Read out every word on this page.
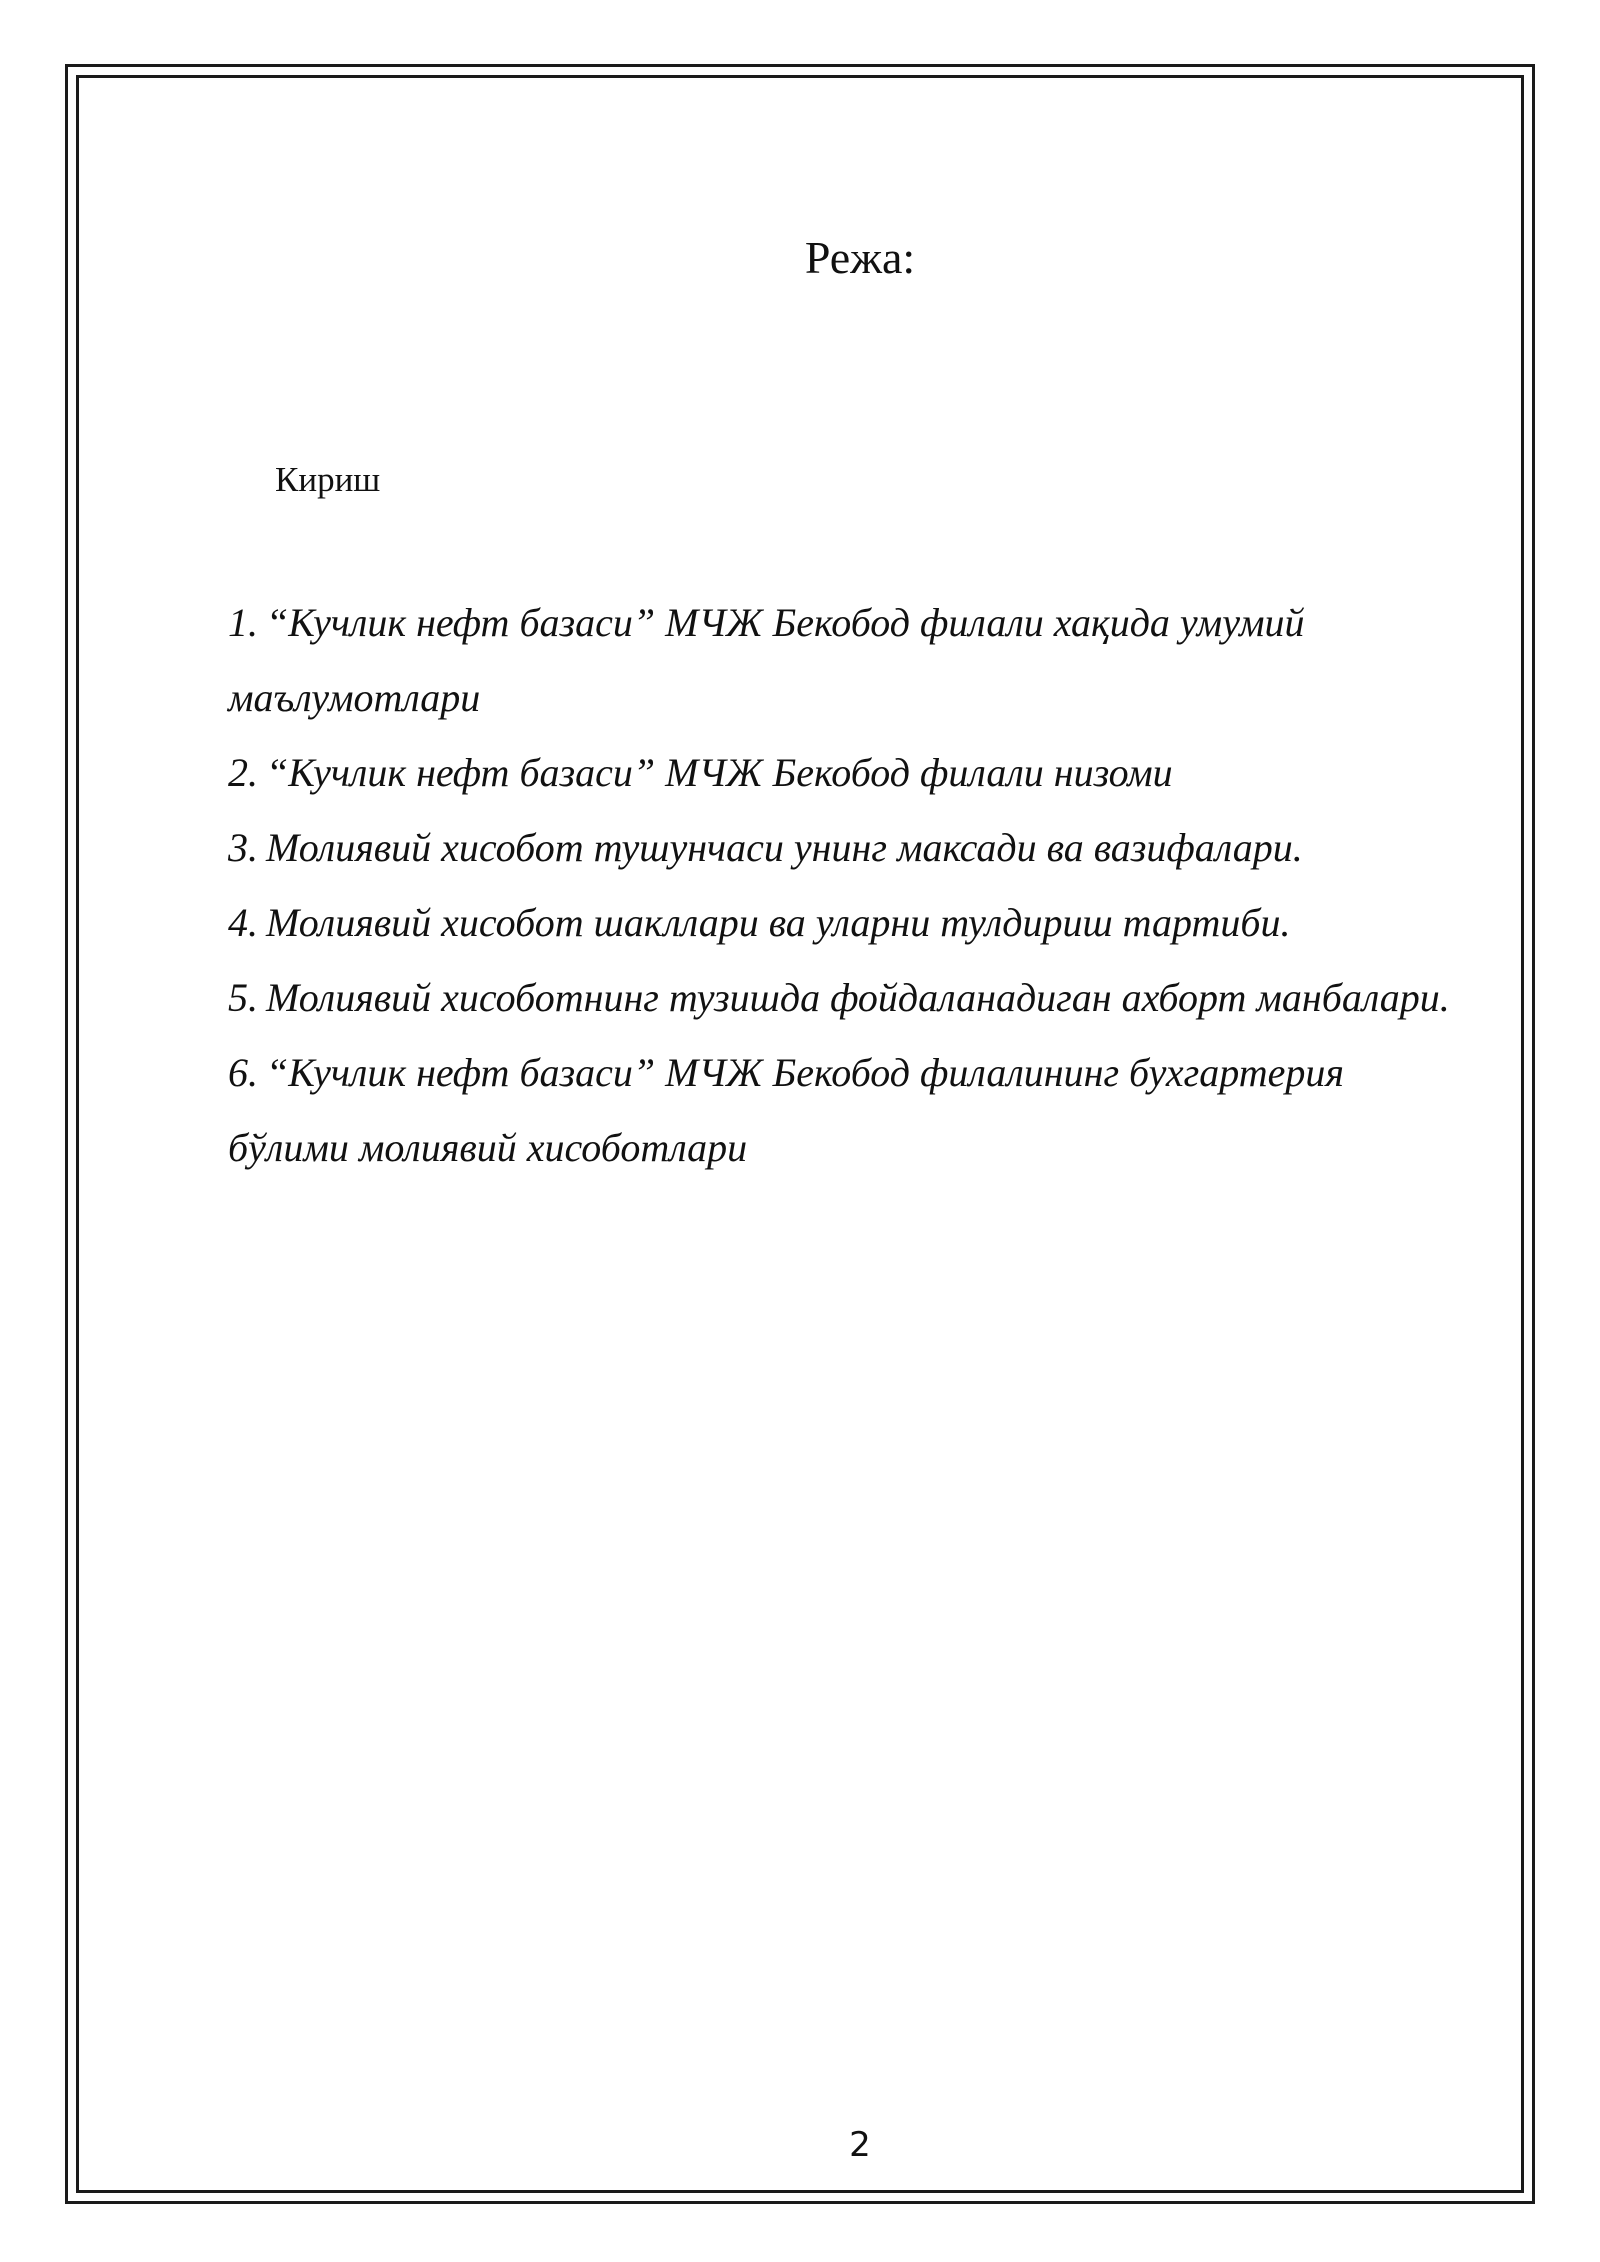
Режа:

Кириш

1. “Кучлик нефт базаси” МЧЖ Бекобод филали хақида умумий маълумотлари
2. “Кучлик нефт базаси” МЧЖ Бекобод филали низоми
3. Молиявий хисобот тушунчаси унинг максади ва вазифалари.
4. Молиявий хисобот шакллари ва уларни тулдириш тартиби.
5. Молиявий хисоботнинг тузишда фойдаланадиган ахборт манбалари.
6. “Кучлик нефт базаси” МЧЖ Бекобод филалининг бухгартерия бўлими молиявий хисоботлари
2
